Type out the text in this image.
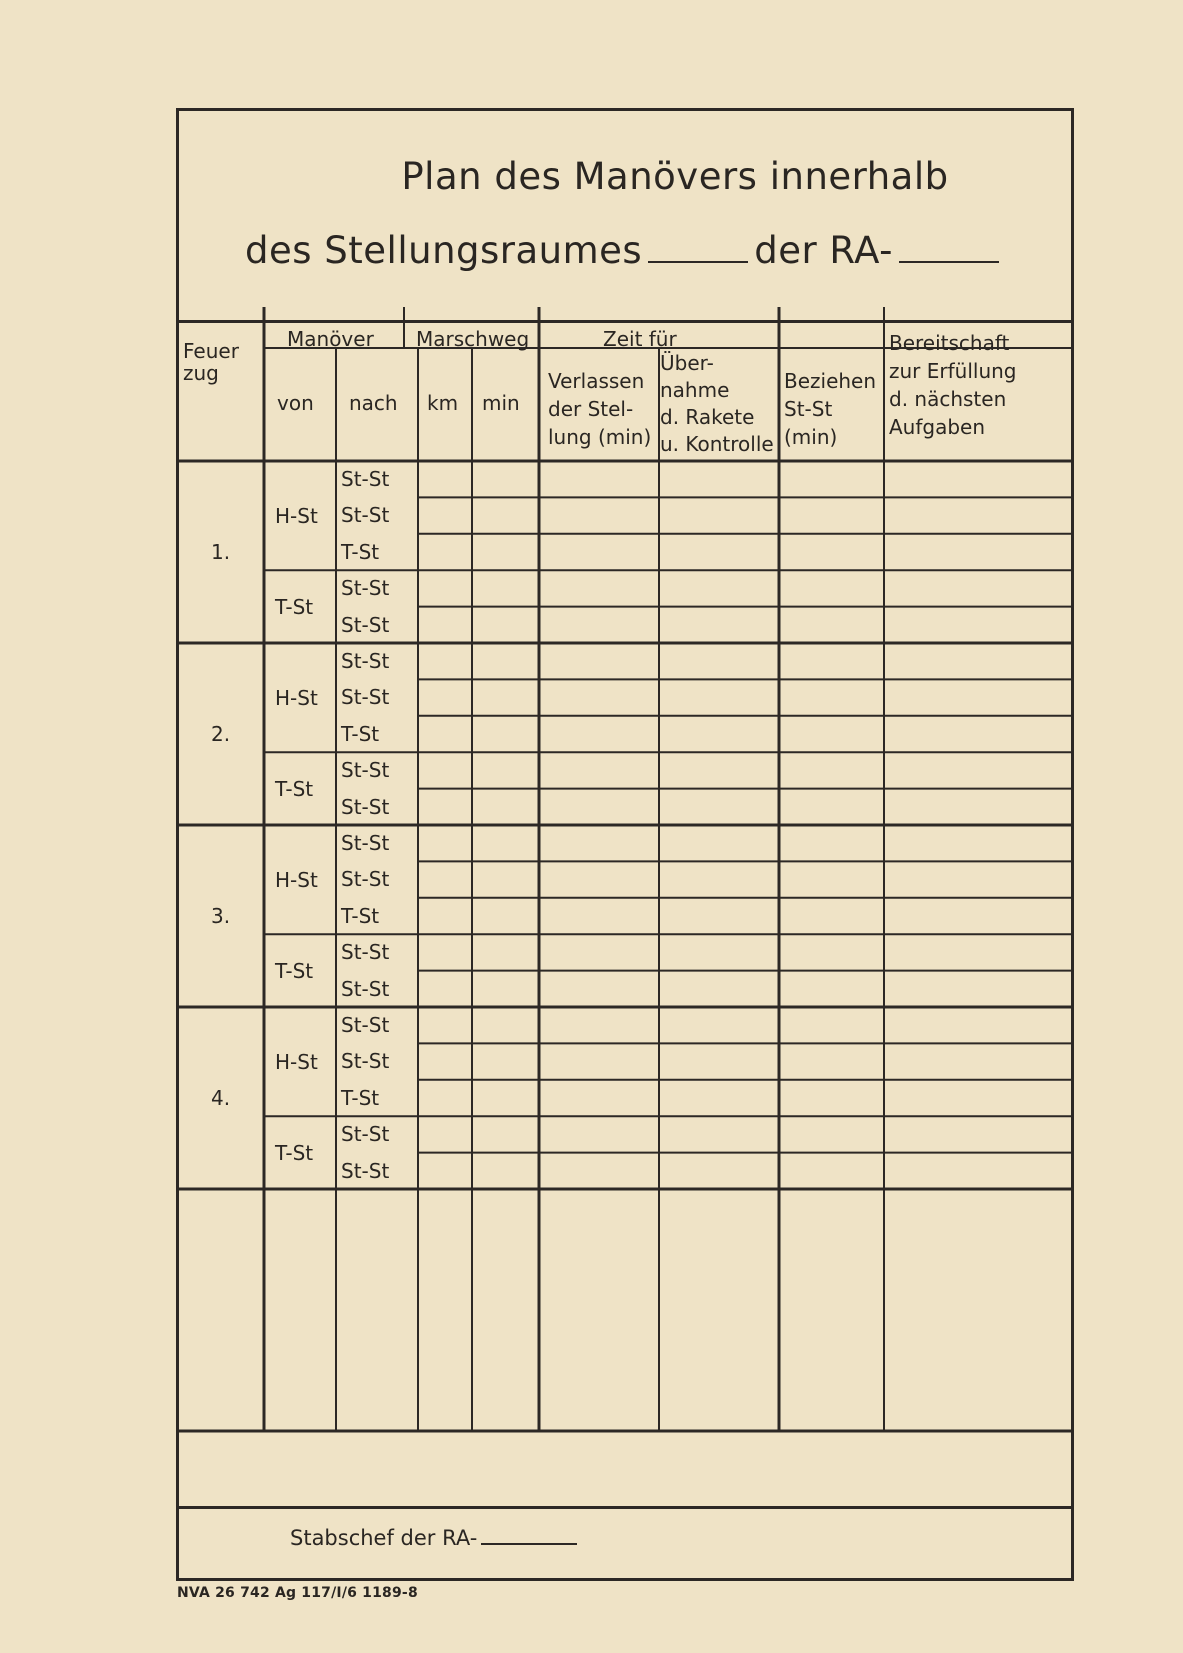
Plan des Manövers innerhalb
des Stellungsraumes	der RA-
Feuer
zug
Manöver
von nach
Marschweg
km min
Zeit für
Verlassen
der Stel-
lung (min)
Über-
nahme
d. Rakete
u. Kontrolle
Beziehen
St-St
(min)
Bereitschaft
zur Erfüllung
d. nächsten
Aufgaben
1.
H-St
T-St
St-St
St-St
T-St
St-St
St-St
2.
H-St
T-St
St-St
St-St
T-St
St-St
St-St
3.
H-St
T-St
St-St
St-St
T-St
St-St
St-St
4.
H-St
T-St
St-St
St-St
T-St
St-St
St-St
Stabschef der RA-
NVA 26 742 Ag 117/I/6 1189-8
